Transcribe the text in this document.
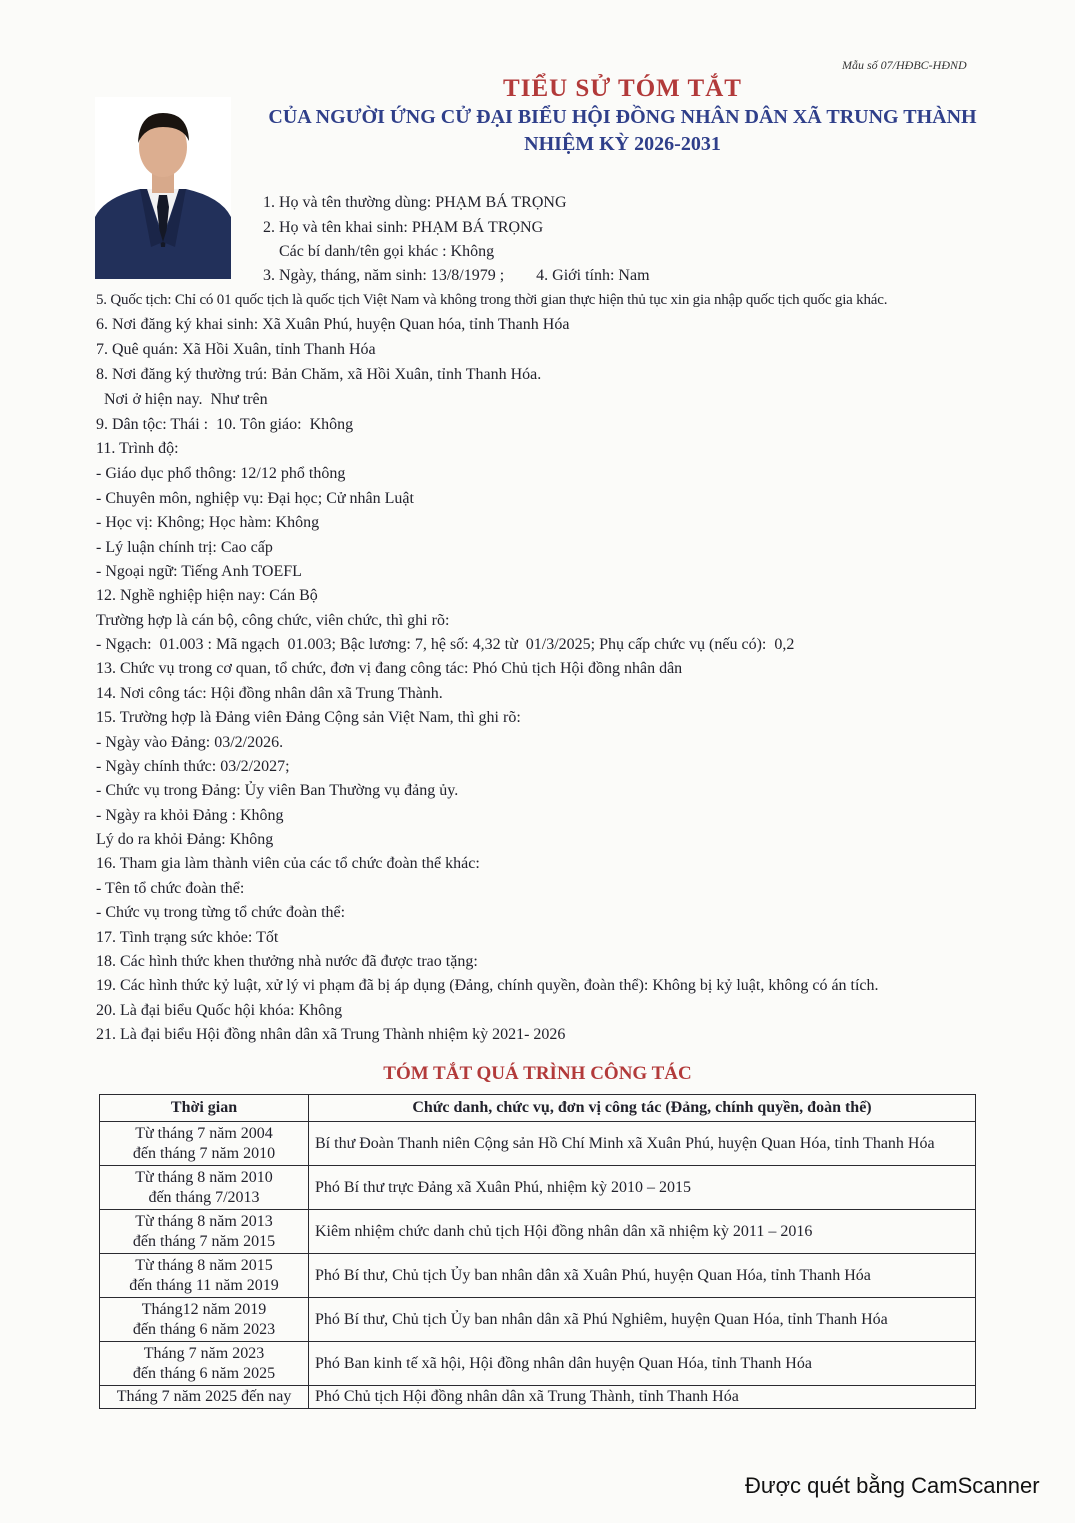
Mẫu số 07/HĐBC-HĐND
TIỂU SỬ TÓM TẮT
CỦA NGƯỜI ỨNG CỬ ĐẠI BIỂU HỘI ĐỒNG NHÂN DÂN XÃ TRUNG THÀNH
NHIỆM KỲ 2026-2031
1. Họ và tên thường dùng: PHẠM BÁ TRỌNG
2. Họ và tên khai sinh: PHẠM BÁ TRỌNG
Các bí danh/tên gọi khác : Không
3. Ngày, tháng, năm sinh: 13/8/1979 ;        4. Giới tính: Nam
5. Quốc tịch: Chỉ có 01 quốc tịch là quốc tịch Việt Nam và không trong thời gian thực hiện thủ tục xin gia nhập quốc tịch quốc gia khác.
6. Nơi đăng ký khai sinh: Xã Xuân Phú, huyện Quan hóa, tỉnh Thanh Hóa
7. Quê quán: Xã Hồi Xuân, tỉnh Thanh Hóa
8. Nơi đăng ký thường trú: Bản Chăm, xã Hồi Xuân, tỉnh Thanh Hóa.
Nơi ở hiện nay.  Như trên
9. Dân tộc: Thái :  10. Tôn giáo:  Không
11. Trình độ:
- Giáo dục phổ thông: 12/12 phổ thông
- Chuyên môn, nghiệp vụ: Đại học; Cử nhân Luật
- Học vị: Không; Học hàm: Không
- Lý luận chính trị: Cao cấp
- Ngoại ngữ: Tiếng Anh TOEFL
12. Nghề nghiệp hiện nay: Cán Bộ
Trường hợp là cán bộ, công chức, viên chức, thì ghi rõ:
- Ngạch:  01.003 : Mã ngạch  01.003; Bậc lương: 7, hệ số: 4,32 từ  01/3/2025; Phụ cấp chức vụ (nếu có):  0,2
13. Chức vụ trong cơ quan, tổ chức, đơn vị đang công tác: Phó Chủ tịch Hội đồng nhân dân
14. Nơi công tác: Hội đồng nhân dân xã Trung Thành.
15. Trường hợp là Đảng viên Đảng Cộng sản Việt Nam, thì ghi rõ:
- Ngày vào Đảng: 03/2/2026.
- Ngày chính thức: 03/2/2027;
- Chức vụ trong Đảng: Ủy viên Ban Thường vụ đảng ủy.
- Ngày ra khỏi Đảng : Không
Lý do ra khỏi Đảng: Không
16. Tham gia làm thành viên của các tổ chức đoàn thể khác:
- Tên tổ chức đoàn thể:
- Chức vụ trong từng tổ chức đoàn thể:
17. Tình trạng sức khỏe: Tốt
18. Các hình thức khen thưởng nhà nước đã được trao tặng:
19. Các hình thức kỷ luật, xử lý vi phạm đã bị áp dụng (Đảng, chính quyền, đoàn thể): Không bị kỷ luật, không có án tích.
20. Là đại biểu Quốc hội khóa: Không
21. Là đại biểu Hội đồng nhân dân xã Trung Thành nhiệm kỳ 2021- 2026
TÓM TẮT QUÁ TRÌNH CÔNG TÁC
Thời gian	Chức danh, chức vụ, đơn vị công tác (Đảng, chính quyền, đoàn thể)

Từ tháng 7 năm 2004
đến tháng 7 năm 2010	Bí thư Đoàn Thanh niên Cộng sản Hồ Chí Minh xã Xuân Phú, huyện Quan Hóa, tỉnh Thanh Hóa

Từ tháng 8 năm 2010
đến tháng 7/2013	Phó Bí thư trực Đảng xã Xuân Phú, nhiệm kỳ 2010 – 2015

Từ tháng 8 năm 2013
đến tháng 7 năm 2015	Kiêm nhiệm chức danh chủ tịch Hội đồng nhân dân xã nhiệm kỳ 2011 – 2016

Từ tháng 8 năm 2015
đến tháng 11 năm 2019	Phó Bí thư, Chủ tịch Ủy ban nhân dân xã Xuân Phú, huyện Quan Hóa, tỉnh Thanh Hóa

Tháng12 năm 2019
đến tháng 6 năm 2023	Phó Bí thư, Chủ tịch Ủy ban nhân dân xã Phú Nghiêm, huyện Quan Hóa, tỉnh Thanh Hóa

Tháng 7 năm 2023
đến tháng 6 năm 2025	Phó Ban kinh tế xã hội, Hội đồng nhân dân huyện Quan Hóa, tỉnh Thanh Hóa
Tháng 7 năm 2025 đến nay	Phó Chủ tịch Hội đồng nhân dân xã Trung Thành, tỉnh Thanh Hóa
Được quét bằng CamScanner
